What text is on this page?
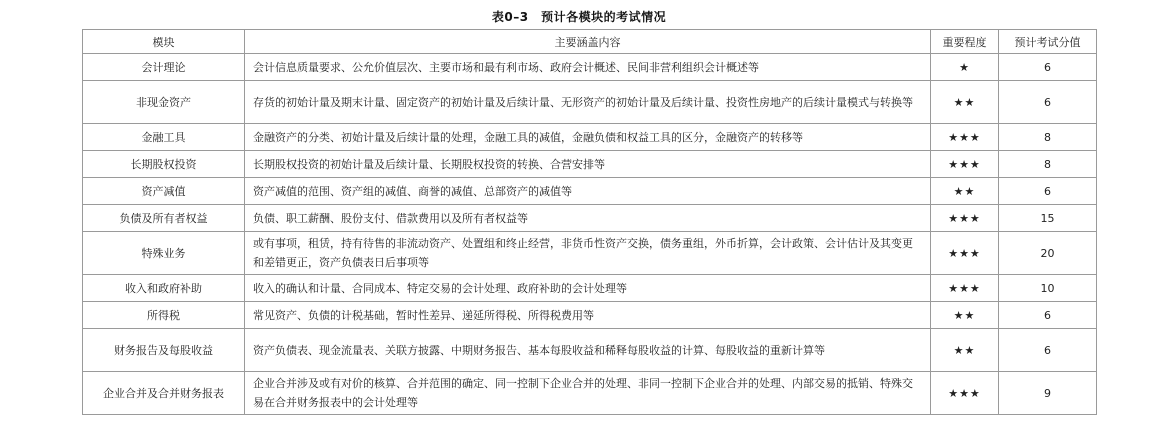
表0–3　预计各模块的考试情况
模块	主要涵盖内容	重要程度	预计考试分值
会计理论	会计信息质量要求、公允价值层次、主要市场和最有利市场、政府会计概述、民间非营利组织会计概述等	★	6
非现金资产	存货的初始计量及期末计量、固定资产的初始计量及后续计量、无形资产的初始计量及后续计量、投资性房地产的后续计量模式与转换等	★★	6
金融工具	金融资产的分类、初始计量及后续计量的处理，金融工具的减值，金融负债和权益工具的区分，金融资产的转移等	★★★	8
长期股权投资	长期股权投资的初始计量及后续计量、长期股权投资的转换、合营安排等	★★★	8
资产减值	资产减值的范围、资产组的减值、商誉的减值、总部资产的减值等	★★	6
负债及所有者权益	负债、职工薪酬、股份支付、借款费用以及所有者权益等	★★★	15
特殊业务	或有事项，租赁，持有待售的非流动资产、处置组和终止经营，非货币性资产交换，债务重组，外币折算，会计政策、会计估计及其变更和差错更正，资产负债表日后事项等	★★★	20
收入和政府补助	收入的确认和计量、合同成本、特定交易的会计处理、政府补助的会计处理等	★★★	10
所得税	常见资产、负债的计税基础，暂时性差异、递延所得税、所得税费用等	★★	6
财务报告及每股收益	资产负债表、现金流量表、关联方披露、中期财务报告、基本每股收益和稀释每股收益的计算、每股收益的重新计算等	★★	6
企业合并及合并财务报表	企业合并涉及或有对价的核算、合并范围的确定、同一控制下企业合并的处理、非同一控制下企业合并的处理、内部交易的抵销、特殊交易在合并财务报表中的会计处理等	★★★	9
